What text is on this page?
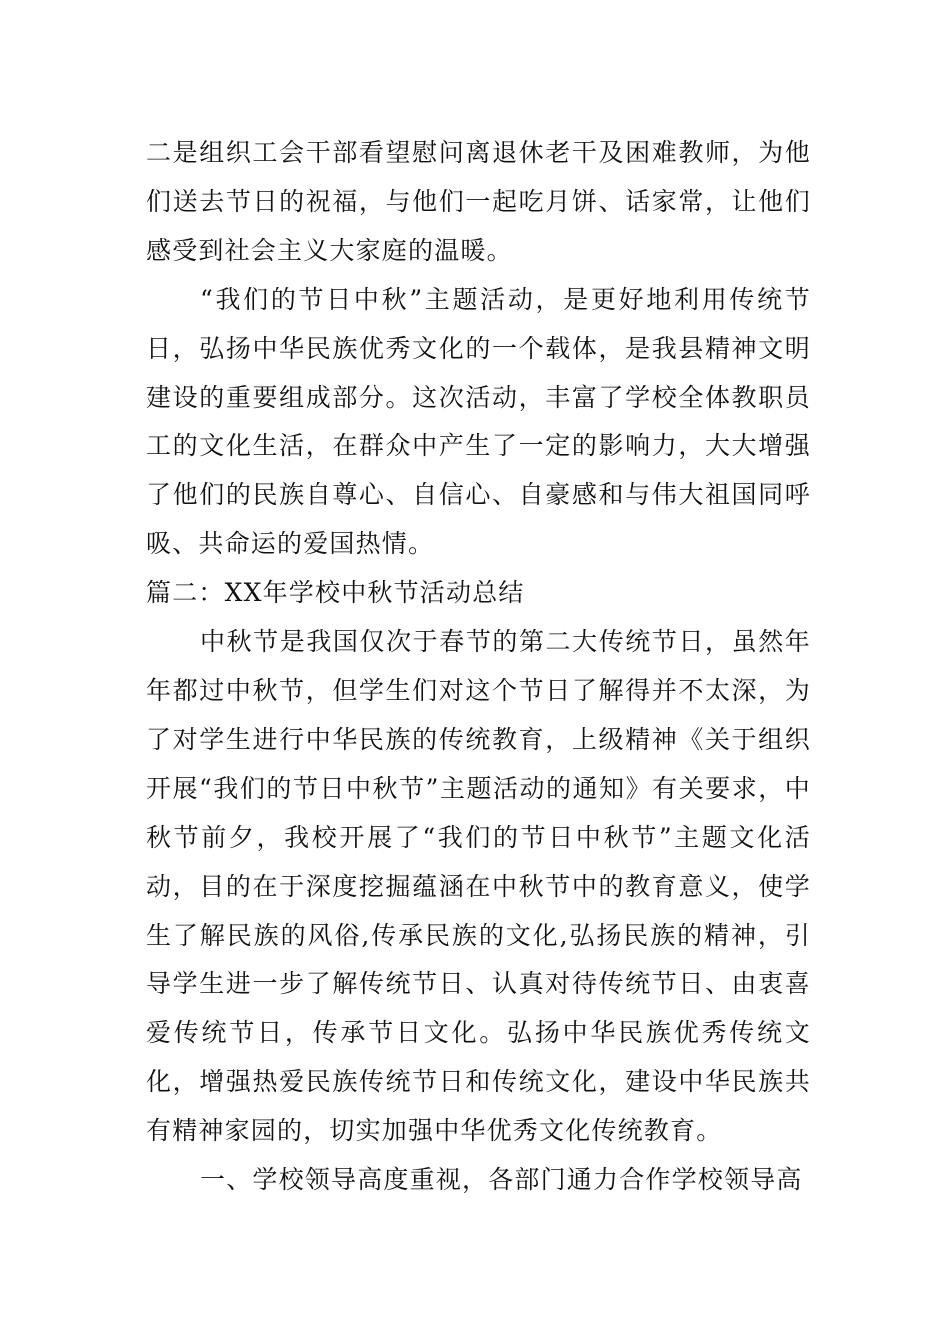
二是组织工会干部看望慰问离退休老干及困难教师，为他们送去节日的祝福，与他们一起吃月饼、话家常，让他们感受到社会主义大家庭的温暖。

“我们的节日中秋”主题活动，是更好地利用传统节日，弘扬中华民族优秀文化的一个载体，是我县精神文明建设的重要组成部分。这次活动，丰富了学校全体教职员工的文化生活，在群众中产生了一定的影响力，大大增强了他们的民族自尊心、自信心、自豪感和与伟大祖国同呼吸、共命运的爱国热情。

篇二：XX年学校中秋节活动总结

中秋节是我国仅次于春节的第二大传统节日，虽然年年都过中秋节，但学生们对这个节日了解得并不太深，为了对学生进行中华民族的传统教育，上级精神《关于组织开展“我们的节日中秋节”主题活动的通知》有关要求，中秋节前夕，我校开展了“我们的节日中秋节”主题文化活动，目的在于深度挖掘蕴涵在中秋节中的教育意义，使学生了解民族的风俗,传承民族的文化,弘扬民族的精神，引导学生进一步了解传统节日、认真对待传统节日、由衷喜爱传统节日，传承节日文化。弘扬中华民族优秀传统文化，增强热爱民族传统节日和传统文化，建设中华民族共有精神家园的，切实加强中华优秀文化传统教育。

一、学校领导高度重视，各部门通力合作学校领导高
